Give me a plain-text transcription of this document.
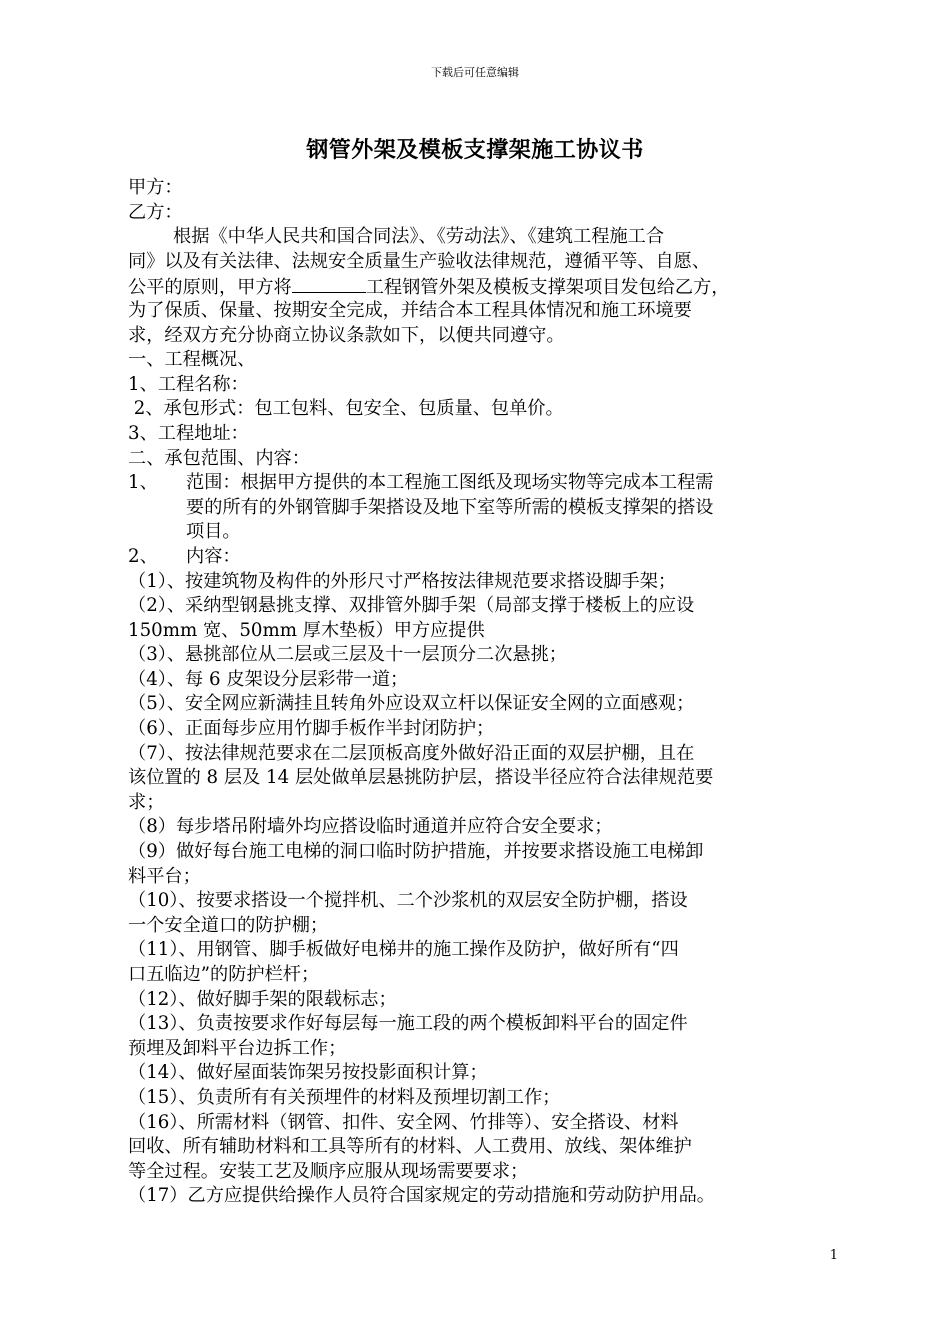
下载后可任意编辑
钢管外架及模板支撑架施工协议书
甲方：
乙方：
根据《中华人民共和国合同法》、《劳动法》、《建筑工程施工合
同》以及有关法律、法规安全质量生产验收法律规范，遵循平等、自愿、
公平的原则，甲方将	工程钢管外架及模板支撑架项目发包给乙方，
为了保质、保量、按期安全完成，并结合本工程具体情况和施工环境要
求，经双方充分协商立协议条款如下，以便共同遵守。
一、工程概况、
1、工程名称：
2、承包形式：包工包料、包安全、包质量、包单价。
3、工程地址：
二、承包范围、内容：
1、	范围：根据甲方提供的本工程施工图纸及现场实物等完成本工程需
要的所有的外钢管脚手架搭设及地下室等所需的模板支撑架的搭设
项目。
2、	内容：
（1）、按建筑物及构件的外形尺寸严格按法律规范要求搭设脚手架；
（2）、采纳型钢悬挑支撑、双排管外脚手架（局部支撑于楼板上的应设
150mm 宽、50mm 厚木垫板）甲方应提供
（3）、悬挑部位从二层或三层及十一层顶分二次悬挑；
（4）、每 6 皮架设分层彩带一道；
（5）、安全网应新满挂且转角外应设双立杆以保证安全网的立面感观；
（6）、正面每步应用竹脚手板作半封闭防护；
（7）、按法律规范要求在二层顶板高度外做好沿正面的双层护棚，且在
该位置的 8 层及 14 层处做单层悬挑防护层，搭设半径应符合法律规范要
求；
（8）每步塔吊附墙外均应搭设临时通道并应符合安全要求；
（9）做好每台施工电梯的洞口临时防护措施，并按要求搭设施工电梯卸
料平台；
（10）、按要求搭设一个搅拌机、二个沙浆机的双层安全防护棚，搭设
一个安全道口的防护棚；
（11）、用钢管、脚手板做好电梯井的施工操作及防护，做好所有“四
口五临边”的防护栏杆；
（12）、做好脚手架的限载标志；
（13）、负责按要求作好每层每一施工段的两个模板卸料平台的固定件
预埋及卸料平台边拆工作；
（14）、做好屋面装饰架另按投影面积计算；
（15）、负责所有有关预埋件的材料及预埋切割工作；
（16）、所需材料（钢管、扣件、安全网、竹排等）、安全搭设、材料
回收、所有辅助材料和工具等所有的材料、人工费用、放线、架体维护
等全过程。安装工艺及顺序应服从现场需要要求；
（17）乙方应提供给操作人员符合国家规定的劳动措施和劳动防护用品。
1
